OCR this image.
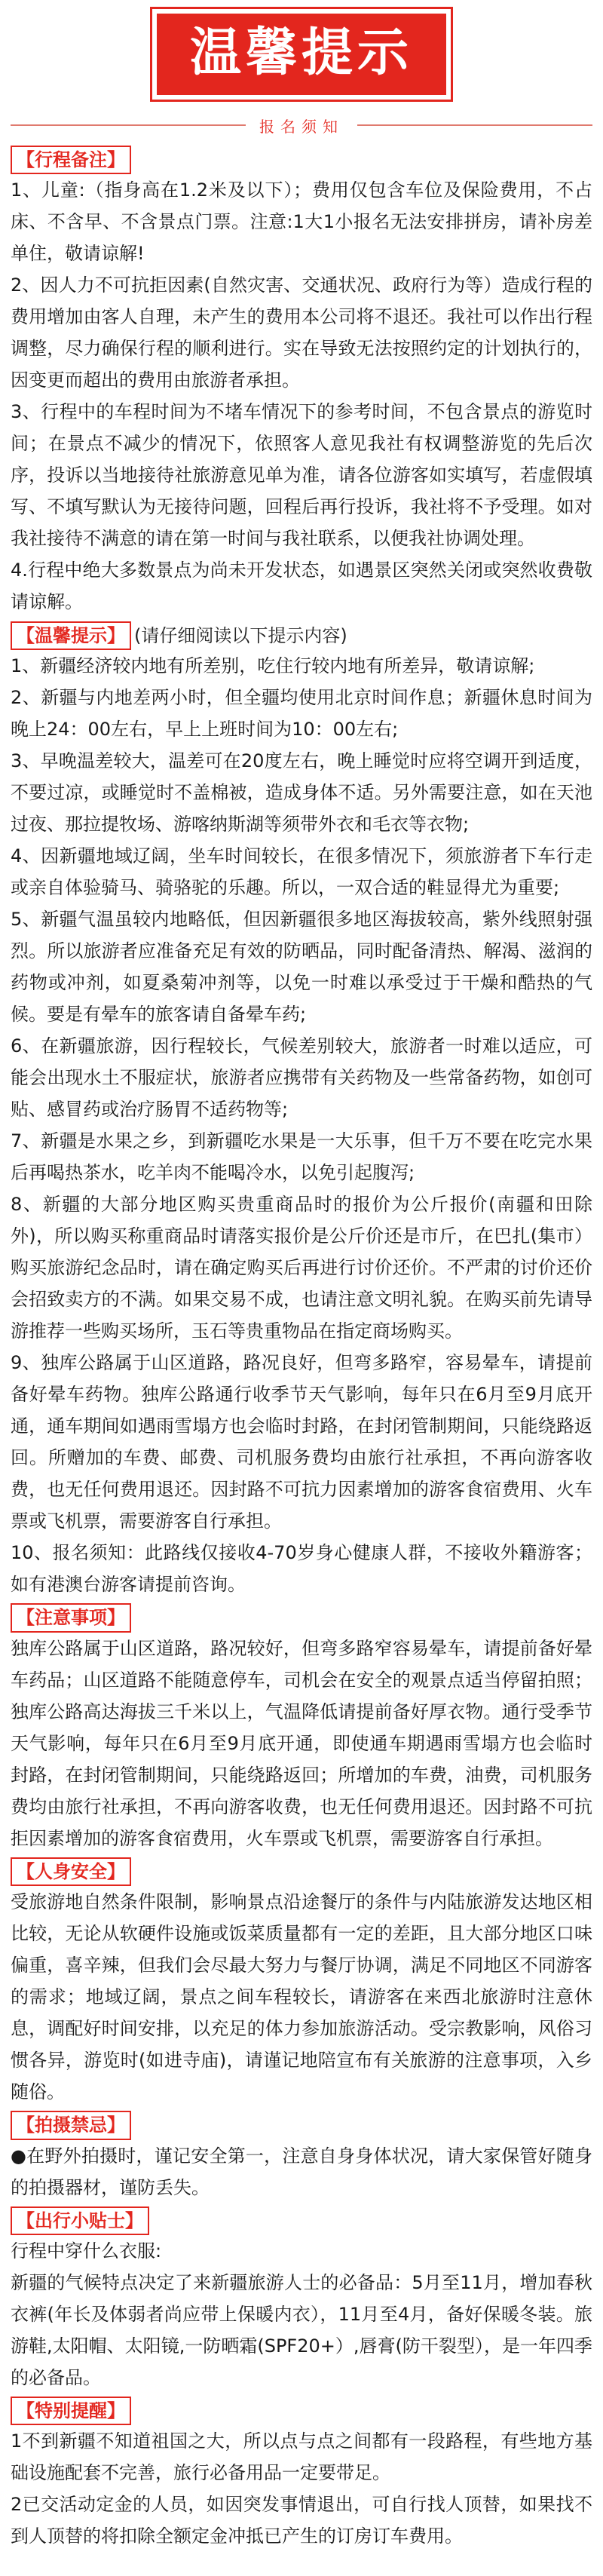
温馨提示
报名须知
【行程备注】

1、儿童:（指身高在1.2米及以下）；费用仅包含车位及保险费用，不占床、不含早、不含景点门票。注意:1大1小报名无法安排拼房，请补房差单住，敬请谅解!

2、因人力不可抗拒因素(自然灾害、交通状况、政府行为等）造成行程的费用增加由客人自理，未产生的费用本公司将不退还。我社可以作出行程调整，尽力确保行程的顺利进行。实在导致无法按照约定的计划执行的，因变更而超出的费用由旅游者承担。

3、行程中的车程时间为不堵车情况下的参考时间，不包含景点的游览时间；在景点不减少的情况下，依照客人意见我社有权调整游览的先后次序，投诉以当地接待社旅游意见单为准，请各位游客如实填写，若虚假填写、不填写默认为无接待问题，回程后再行投诉，我社将不予受理。如对我社接待不满意的请在第一时间与我社联系，以便我社协调处理。

4.行程中绝大多数景点为尚未开发状态，如遇景区突然关闭或突然收费敬请谅解。

【温馨提示】 (请仔细阅读以下提示内容)

1、新疆经济较内地有所差别，吃住行较内地有所差异，敬请谅解;

2、新疆与内地差两小时，但全疆均使用北京时间作息；新疆休息时间为晚上24：00左右，早上上班时间为10：00左右;

3、早晚温差较大，温差可在20度左右，晚上睡觉时应将空调开到适度，不要过凉，或睡觉时不盖棉被，造成身体不适。另外需要注意，如在天池过夜、那拉提牧场、游喀纳斯湖等须带外衣和毛衣等衣物;

4、因新疆地域辽阔，坐车时间较长，在很多情况下，须旅游者下车行走或亲自体验骑马、骑骆驼的乐趣。所以，一双合适的鞋显得尤为重要;

5、新疆气温虽较内地略低，但因新疆很多地区海拔较高，紫外线照射强烈。所以旅游者应准备充足有效的防晒品，同时配备清热、解渴、滋润的药物或冲剂，如夏桑菊冲剂等，以免一时难以承受过于干燥和酷热的气候。要是有晕车的旅客请自备晕车药;

6、在新疆旅游，因行程较长，气候差别较大，旅游者一时难以适应，可能会出现水土不服症状，旅游者应携带有关药物及一些常备药物，如创可贴、感冒药或治疗肠胃不适药物等;

7、新疆是水果之乡，到新疆吃水果是一大乐事，但千万不要在吃完水果后再喝热茶水，吃羊肉不能喝冷水，以免引起腹泻;

8、新疆的大部分地区购买贵重商品时的报价为公斤报价(南疆和田除外)，所以购买称重商品时请落实报价是公斤价还是市斤，在巴扎(集市）购买旅游纪念品时，请在确定购买后再进行讨价还价。不严肃的讨价还价会招致卖方的不满。如果交易不成，也请注意文明礼貌。在购买前先请导游推荐一些购买场所，玉石等贵重物品在指定商场购买。

9、独库公路属于山区道路，路况良好，但弯多路窄，容易晕车，请提前备好晕车药物。独库公路通行收季节天气影响，每年只在6月至9月底开通，通车期间如遇雨雪塌方也会临时封路，在封闭管制期间，只能绕路返回。所赠加的车费、邮费、司机服务费均由旅行社承担，不再向游客收费，也无任何费用退还。因封路不可抗力因素增加的游客食宿费用、火车票或飞机票，需要游客自行承担。

10、报名须知：此路线仅接收4-70岁身心健康人群，不接收外籍游客；如有港澳台游客请提前咨询。

【注意事项】

独库公路属于山区道路，路况较好，但弯多路窄容易晕车，请提前备好晕车药品；山区道路不能随意停车，司机会在安全的观景点适当停留拍照；独库公路高达海拔三千米以上，气温降低请提前备好厚衣物。通行受季节天气影响，每年只在6月至9月底开通，即使通车期遇雨雪塌方也会临时封路，在封闭管制期间，只能绕路返回；所增加的车费，油费，司机服务费均由旅行社承担，不再向游客收费，也无任何费用退还。因封路不可抗拒因素增加的游客食宿费用，火车票或飞机票，需要游客自行承担。

【人身安全】

受旅游地自然条件限制，影响景点沿途餐厅的条件与内陆旅游发达地区相比较，无论从软硬件设施或饭菜质量都有一定的差距，且大部分地区口味偏重，喜辛辣，但我们会尽最大努力与餐厅协调，满足不同地区不同游客的需求；地域辽阔，景点之间车程较长，请游客在来西北旅游时注意休息，调配好时间安排，以充足的体力参加旅游活动。受宗教影响，风俗习惯各异，游览时(如进寺庙)，请谨记地陪宣布有关旅游的注意事项，入乡随俗。

【拍摄禁忌】

●在野外拍摄时，谨记安全第一，注意自身身体状况，请大家保管好随身的拍摄器材，谨防丢失。

【出行小贴士】

行程中穿什么衣服:

新疆的气候特点决定了来新疆旅游人士的必备品：5月至11月，增加春秋衣裤(年长及体弱者尚应带上保暖内衣），11月至4月，备好保暖冬装。旅游鞋,太阳帽、太阳镜,一防晒霜(SPF20+）,唇膏(防干裂型），是一年四季的必备品。

【特别提醒】

1不到新疆不知道祖国之大，所以点与点之间都有一段路程，有些地方基础设施配套不完善，旅行必备用品一定要带足。

2已交活动定金的人员，如因突发事情退出，可自行找人顶替，如果找不到人顶替的将扣除全额定金冲抵已产生的订房订车费用。
